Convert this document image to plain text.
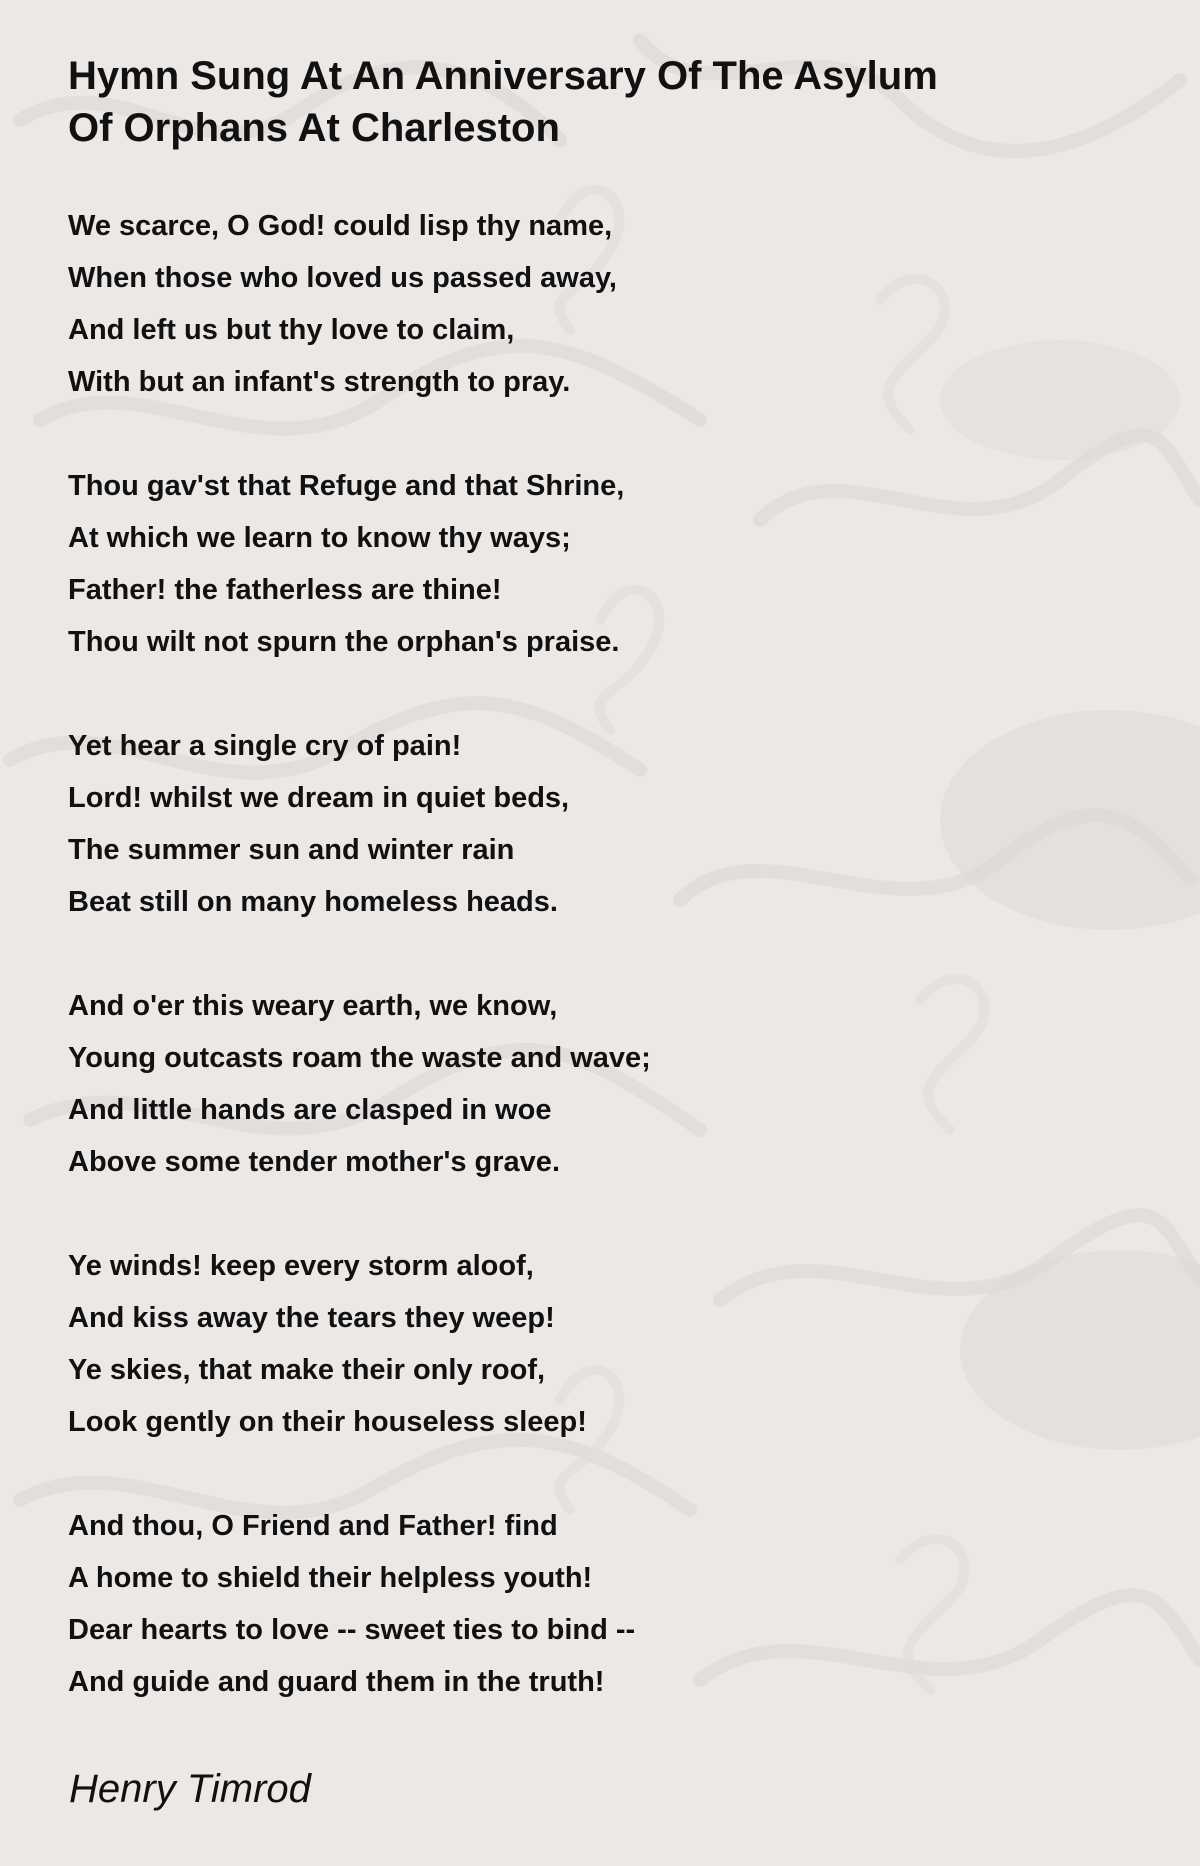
Hymn Sung At An Anniversary Of The Asylum
Of Orphans At Charleston
We scarce, O God! could lisp thy name,
When those who loved us passed away,
And left us but thy love to claim,
With but an infant's strength to pray.
Thou gav'st that Refuge and that Shrine,
At which we learn to know thy ways;
Father! the fatherless are thine!
Thou wilt not spurn the orphan's praise.
Yet hear a single cry of pain!
Lord! whilst we dream in quiet beds,
The summer sun and winter rain
Beat still on many homeless heads.
And o'er this weary earth, we know,
Young outcasts roam the waste and wave;
And little hands are clasped in woe
Above some tender mother's grave.
Ye winds! keep every storm aloof,
And kiss away the tears they weep!
Ye skies, that make their only roof,
Look gently on their houseless sleep!
And thou, O Friend and Father! find
A home to shield their helpless youth!
Dear hearts to love -- sweet ties to bind --
And guide and guard them in the truth!
Henry Timrod
